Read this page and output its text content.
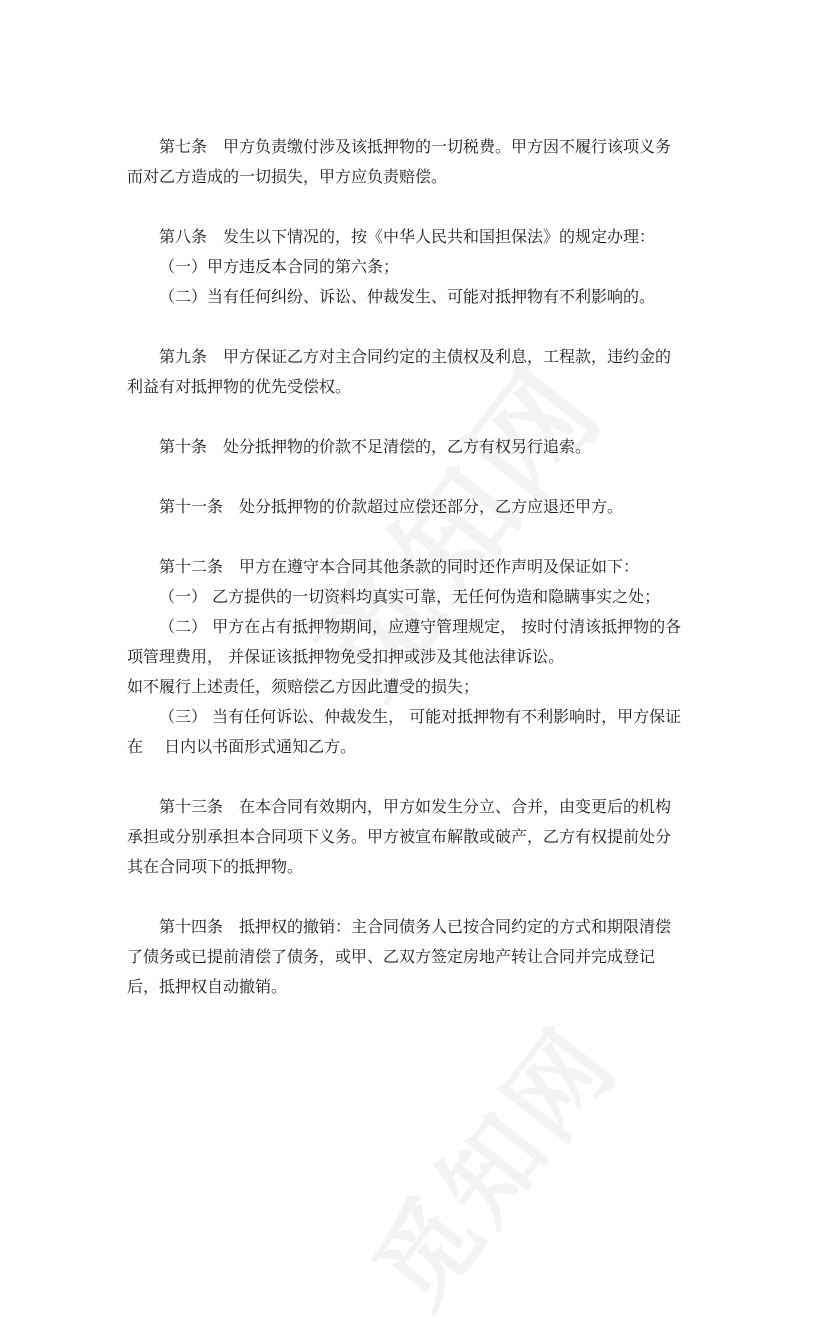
第七条　甲方负责缴付涉及该抵押物的一切税费。甲方因不履行该项义务
而对乙方造成的一切损失，甲方应负责赔偿。
第八条　发生以下情况的，按《中华人民共和国担保法》的规定办理：
（一）甲方违反本合同的第六条；
（二）当有任何纠纷、诉讼、仲裁发生、可能对抵押物有不利影响的。
第九条　甲方保证乙方对主合同约定的主债权及利息，工程款，违约金的
利益有对抵押物的优先受偿权。
第十条　处分抵押物的价款不足清偿的，乙方有权另行追索。
第十一条　处分抵押物的价款超过应偿还部分，乙方应退还甲方。
第十二条　甲方在遵守本合同其他条款的同时还作声明及保证如下：
（一） 乙方提供的一切资料均真实可靠，无任何伪造和隐瞒事实之处；
（二） 甲方在占有抵押物期间，应遵守管理规定， 按时付清该抵押物的各
项管理费用， 并保证该抵押物免受扣押或涉及其他法律诉讼。
如不履行上述责任，须赔偿乙方因此遭受的损失；
（三） 当有任何诉讼、仲裁发生， 可能对抵押物有不利影响时，甲方保证
在　 日内以书面形式通知乙方。
第十三条　在本合同有效期内，甲方如发生分立、合并，由变更后的机构
承担或分别承担本合同项下义务。甲方被宣布解散或破产，乙方有权提前处分
其在合同项下的抵押物。
第十四条　抵押权的撤销：主合同债务人已按合同约定的方式和期限清偿
了债务或已提前清偿了债务，或甲、乙双方签定房地产转让合同并完成登记
后，抵押权自动撤销。
